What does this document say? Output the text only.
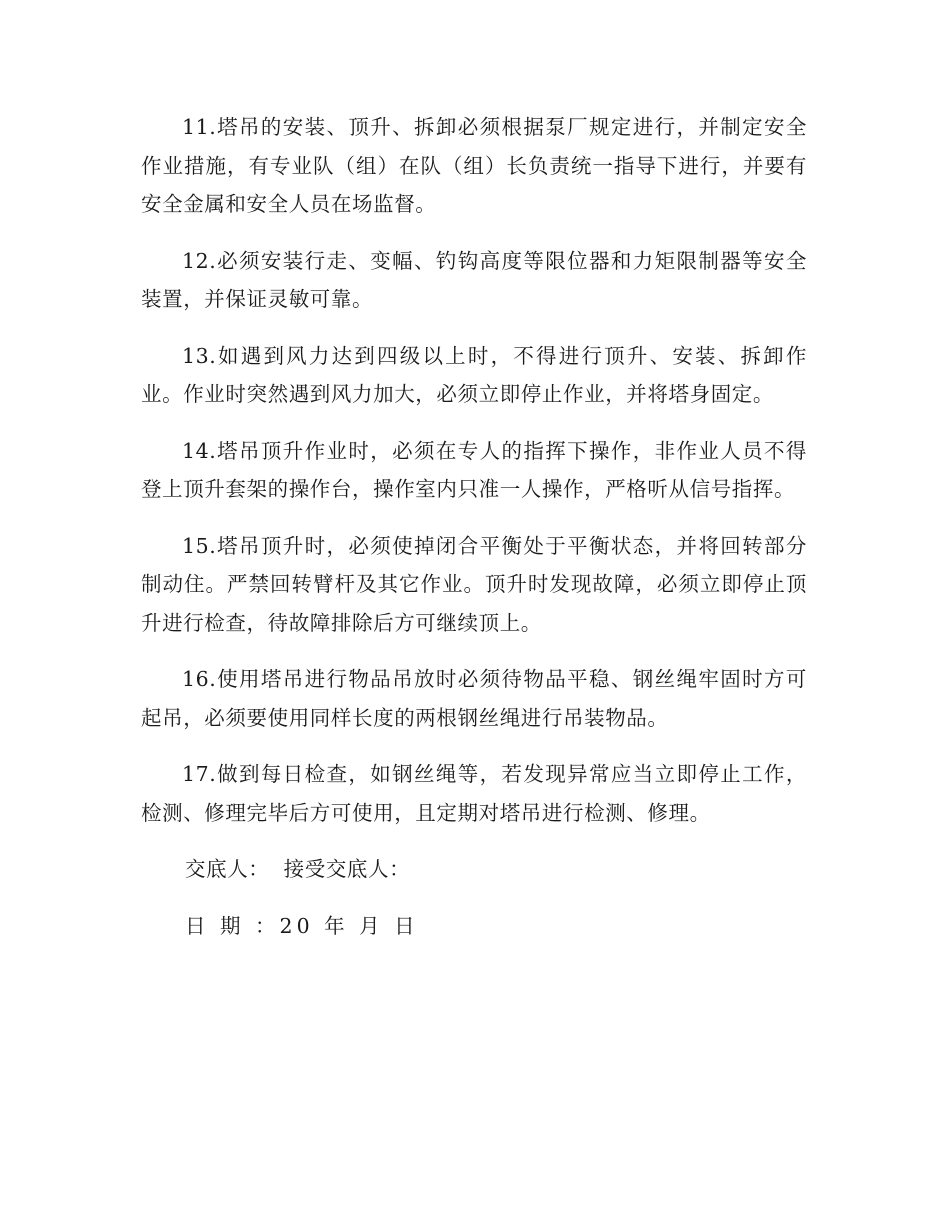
11.塔吊的安装、顶升、拆卸必须根据泵厂规定进行，并制定安全作业措施，有专业队（组）在队（组）长负责统一指导下进行，并要有安全金属和安全人员在场监督。

12.必须安装行走、变幅、钓钩高度等限位器和力矩限制器等安全装置，并保证灵敏可靠。

13.如遇到风力达到四级以上时，不得进行顶升、安装、拆卸作业。作业时突然遇到风力加大，必须立即停止作业，并将塔身固定。

14.塔吊顶升作业时，必须在专人的指挥下操作，非作业人员不得登上顶升套架的操作台，操作室内只准一人操作，严格听从信号指挥。

15.塔吊顶升时，必须使掉闭合平衡处于平衡状态，并将回转部分制动住。严禁回转臂杆及其它作业。顶升时发现故障，必须立即停止顶升进行检查，待故障排除后方可继续顶上。

16.使用塔吊进行物品吊放时必须待物品平稳、钢丝绳牢固时方可起吊，必须要使用同样长度的两根钢丝绳进行吊装物品。

17.做到每日检查，如钢丝绳等，若发现异常应当立即停止工作，检测、修理完毕后方可使用，且定期对塔吊进行检测、修理。

交底人：  接受交底人：

日 期 ：20 年 月 日
